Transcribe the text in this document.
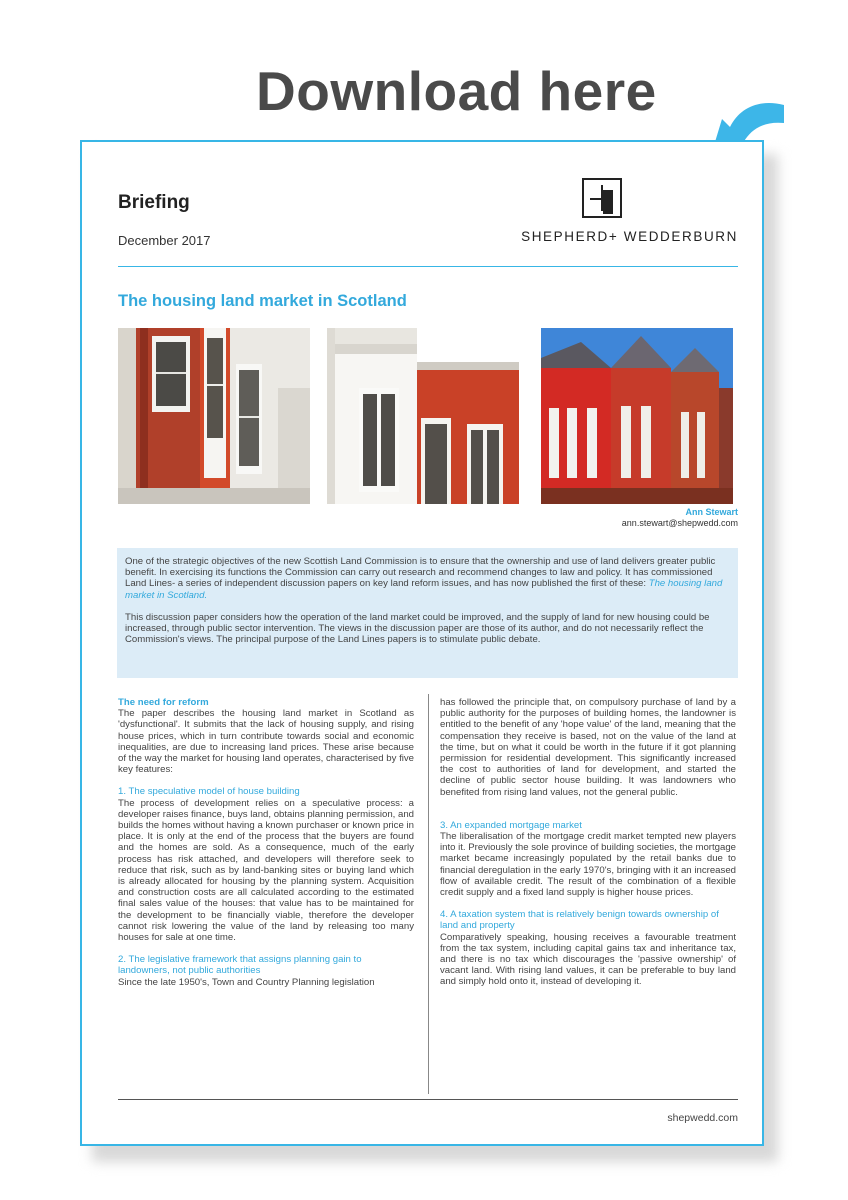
Download here
Briefing
December 2017	SHEPHERD+ WEDDERBURN
The housing land market in Scotland
Ann Stewart
ann.stewart@shepwedd.com

One of the strategic objectives of the new Scottish Land Commission is to ensure that the ownership and use of land delivers greater public benefit. In exercising its functions the Commission can carry out research and recommend changes to law and policy. It has commissioned Land Lines- a series of independent discussion papers on key land reform issues, and has now published the first of these: The housing land market in Scotland.

This discussion paper considers how the operation of the land market could be improved, and the supply of land for new housing could be increased, through public sector intervention. The views in the discussion paper are those of its author, and do not necessarily reflect the Commission's views. The principal purpose of the Land Lines papers is to stimulate public debate.

The need for reform
The paper describes the housing land market in Scotland as 'dysfunctional'. It submits that the lack of housing supply, and rising house prices, which in turn contribute towards social and economic inequalities, are due to increasing land prices. These arise because of the way the market for housing land operates, characterised by five key features:
1. The speculative model of house building
The process of development relies on a speculative process: a developer raises finance, buys land, obtains planning permission, and builds the homes without having a known purchaser or known price in place. It is only at the end of the process that the buyers are found and the homes are sold. As a consequence, much of the early process has risk attached, and developers will therefore seek to reduce that risk, such as by land-banking sites or buying land which is already allocated for housing by the planning system. Acquisition and construction costs are all calculated according to the estimated final sales value of the houses: that value has to be maintained for the development to be financially viable, therefore the developer cannot risk lowering the value of the land by releasing too many houses for sale at one time.
2. The legislative framework that assigns planning gain to landowners, not public authorities
Since the late 1950's, Town and Country Planning legislation
has followed the principle that, on compulsory purchase of land by a public authority for the purposes of building homes, the landowner is entitled to the benefit of any 'hope value' of the land, meaning that the compensation they receive is based, not on the value of the land at the time, but on what it could be worth in the future if it got planning permission for residential development. This significantly increased the cost to authorities of land for development, and started the decline of public sector house building. It was landowners who benefited from rising land values, not the general public.
3. An expanded mortgage market
The liberalisation of the mortgage credit market tempted new players into it. Previously the sole province of building societies, the mortgage market became increasingly populated by the retail banks due to financial deregulation in the early 1970's, bringing with it an increased flow of available credit. The result of the combination of a flexible credit supply and a fixed land supply is higher house prices.
4. A taxation system that is relatively benign towards ownership of land and property
Comparatively speaking, housing receives a favourable treatment from the tax system, including capital gains tax and inheritance tax, and there is no tax which discourages the 'passive ownership' of vacant land. With rising land values, it can be preferable to buy land and simply hold onto it, instead of developing it.
shepwedd.com
